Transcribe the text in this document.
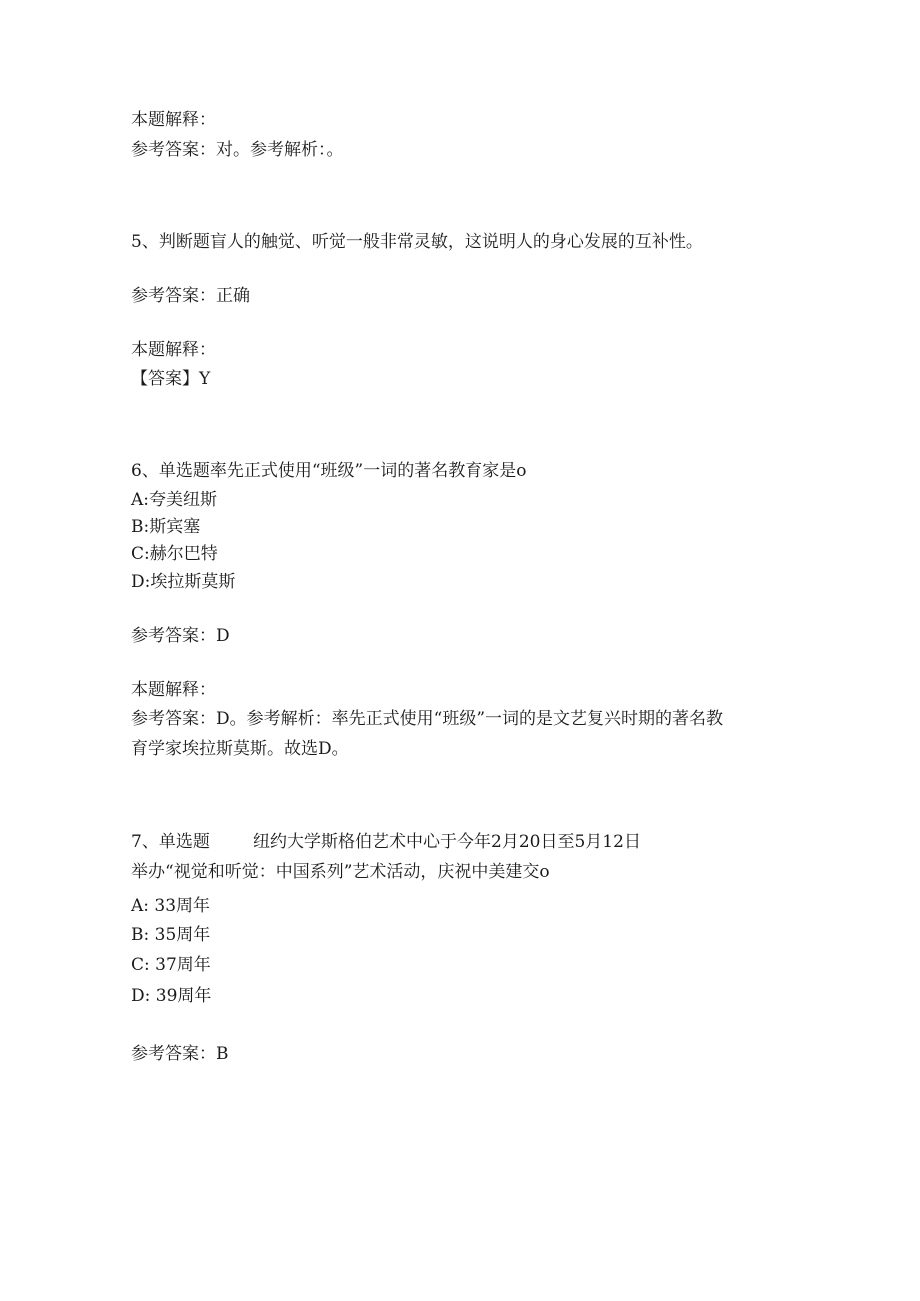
本题解释：
参考答案：对。参考解析：。
5、判断题盲人的触觉、听觉一般非常灵敏，这说明人的身心发展的互补性。
参考答案：正确
本题解释：
【答案】Y
6、单选题率先正式使用“班级”一词的著名教育家是o
A:夸美纽斯
B:斯宾塞
C:赫尔巴特
D:埃拉斯莫斯
参考答案：D
本题解释：
参考答案：D。参考解析：率先正式使用“班级”一词的是文艺复兴时期的著名教
育学家埃拉斯莫斯。故选D。
7、单选题        纽约大学斯格伯艺术中心于今年2月20日至5月12日
举办“视觉和听觉：中国系列”艺术活动，庆祝中美建交o
A: 33周年
B: 35周年
C: 37周年
D: 39周年
参考答案：B
